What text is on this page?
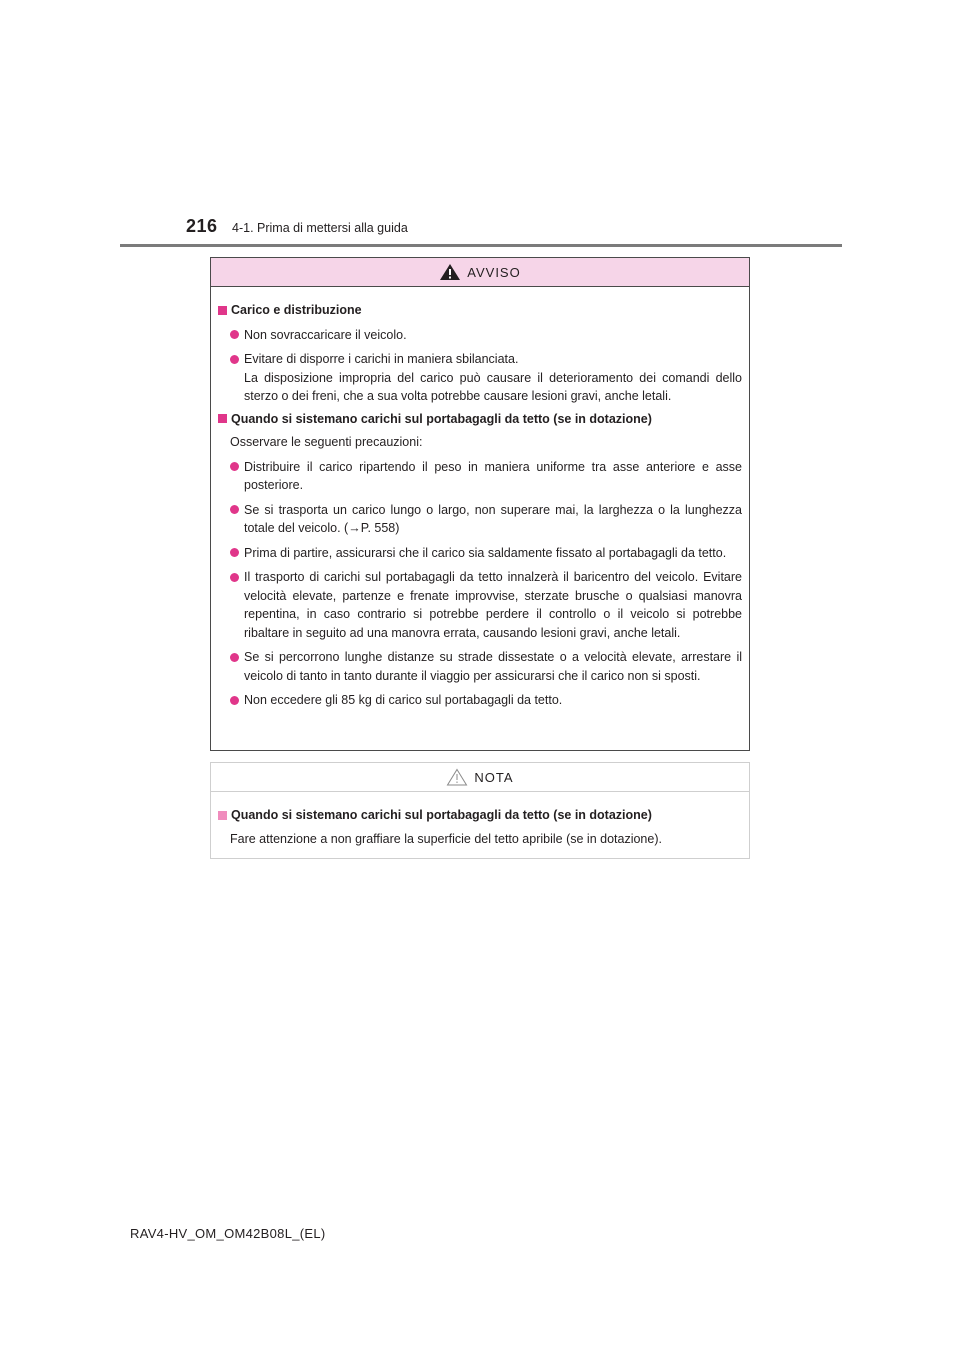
216 4-1. Prima di mettersi alla guida
AVVISO
Carico e distribuzione
Non sovraccaricare il veicolo.
Evitare di disporre i carichi in maniera sbilanciata.
La disposizione impropria del carico può causare il deterioramento dei comandi dello sterzo o dei freni, che a sua volta potrebbe causare lesioni gravi, anche letali.
Quando si sistemano carichi sul portabagagli da tetto (se in dotazione)
Osservare le seguenti precauzioni:
Distribuire il carico ripartendo il peso in maniera uniforme tra asse anteriore e asse posteriore.
Se si trasporta un carico lungo o largo, non superare mai, la larghezza o la lunghezza totale del veicolo. (→P. 558)
Prima di partire, assicurarsi che il carico sia saldamente fissato al portabagagli da tetto.
Il trasporto di carichi sul portabagagli da tetto innalzerà il baricentro del veicolo. Evitare velocità elevate, partenze e frenate improvvise, sterzate brusche o qualsiasi manovra repentina, in caso contrario si potrebbe perdere il controllo o il veicolo si potrebbe ribaltare in seguito ad una manovra errata, causando lesioni gravi, anche letali.
Se si percorrono lunghe distanze su strade dissestate o a velocità elevate, arrestare il veicolo di tanto in tanto durante il viaggio per assicurarsi che il carico non si sposti.
Non eccedere gli 85 kg di carico sul portabagagli da tetto.
NOTA
Quando si sistemano carichi sul portabagagli da tetto (se in dotazione)
Fare attenzione a non graffiare la superficie del tetto apribile (se in dotazione).
RAV4-HV_OM_OM42B08L_(EL)
